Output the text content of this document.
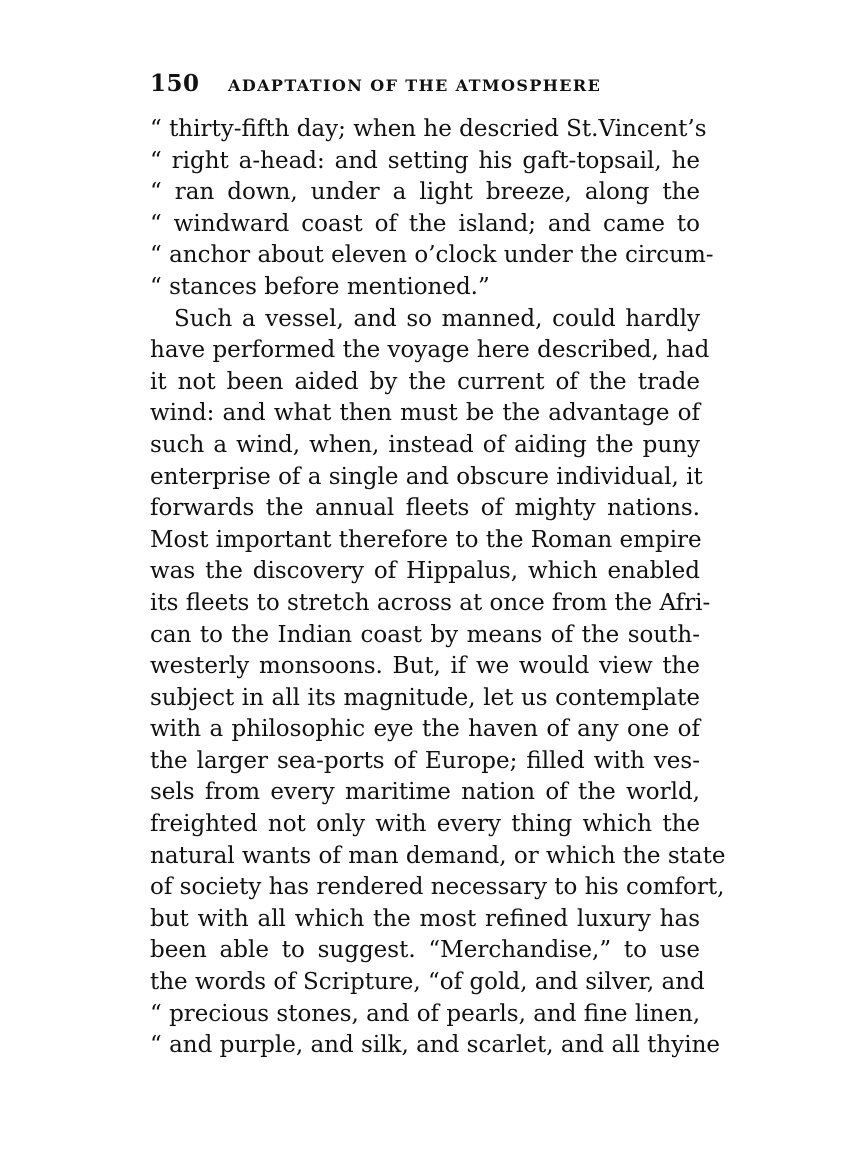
150	ADAPTATION OF THE ATMOSPHERE
“ thirty-fifth day; when he descried St.Vincent’s
“ right a-head: and setting his gaft-topsail, he
“ ran down, under a light breeze, along the
“ windward coast of the island; and came to
“ anchor about eleven o’clock under the circum-
“ stances before mentioned.”
Such a vessel, and so manned, could hardly
have performed the voyage here described, had
it not been aided by the current of the trade
wind: and what then must be the advantage of
such a wind, when, instead of aiding the puny
enterprise of a single and obscure individual, it
forwards the annual fleets of mighty nations.
Most important therefore to the Roman empire
was the discovery of Hippalus, which enabled
its fleets to stretch across at once from the Afri-
can to the Indian coast by means of the south-
westerly monsoons. But, if we would view the
subject in all its magnitude, let us contemplate
with a philosophic eye the haven of any one of
the larger sea-ports of Europe; filled with ves-
sels from every maritime nation of the world,
freighted not only with every thing which the
natural wants of man demand, or which the state
of society has rendered necessary to his comfort,
but with all which the most refined luxury has
been able to suggest. “Merchandise,” to use
the words of Scripture, “of gold, and silver, and
“ precious stones, and of pearls, and fine linen,
“ and purple, and silk, and scarlet, and all thyine
